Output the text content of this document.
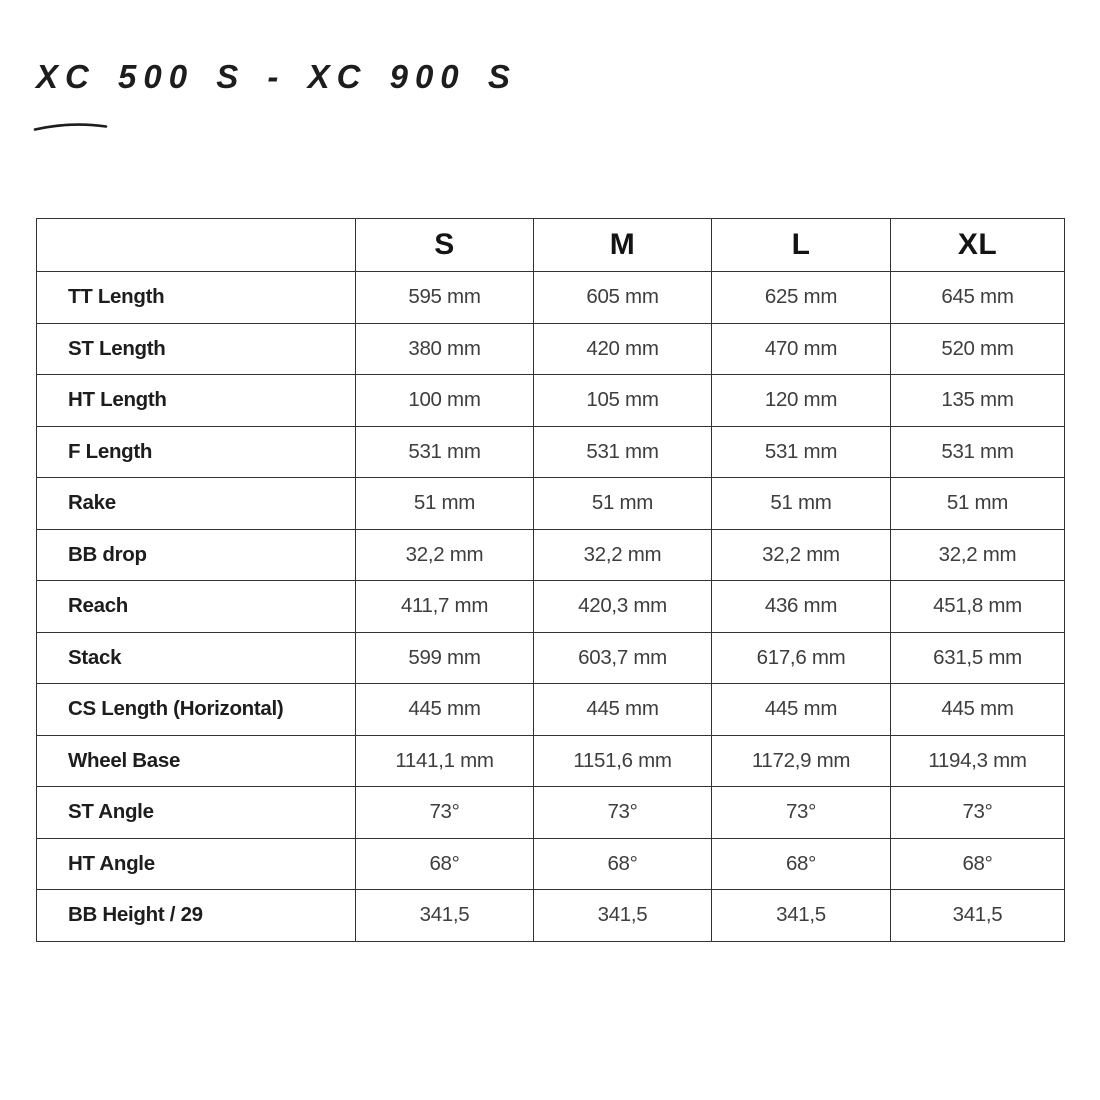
XC 500 S - XC 900 S
	S	M	L	XL
TT Length	595 mm	605 mm	625 mm	645 mm
ST Length	380 mm	420 mm	470 mm	520 mm
HT Length	100 mm	105 mm	120 mm	135 mm
F Length	531 mm	531 mm	531 mm	531 mm
Rake	51 mm	51 mm	51 mm	51 mm
BB drop	32,2 mm	32,2 mm	32,2 mm	32,2 mm
Reach	411,7 mm	420,3 mm	436 mm	451,8 mm
Stack	599 mm	603,7 mm	617,6 mm	631,5 mm
CS Length (Horizontal)	445 mm	445 mm	445 mm	445 mm
Wheel Base	1141,1 mm	1151,6 mm	1172,9 mm	1194,3 mm
ST Angle	73°	73°	73°	73°
HT Angle	68°	68°	68°	68°
BB Height / 29	341,5	341,5	341,5	341,5
